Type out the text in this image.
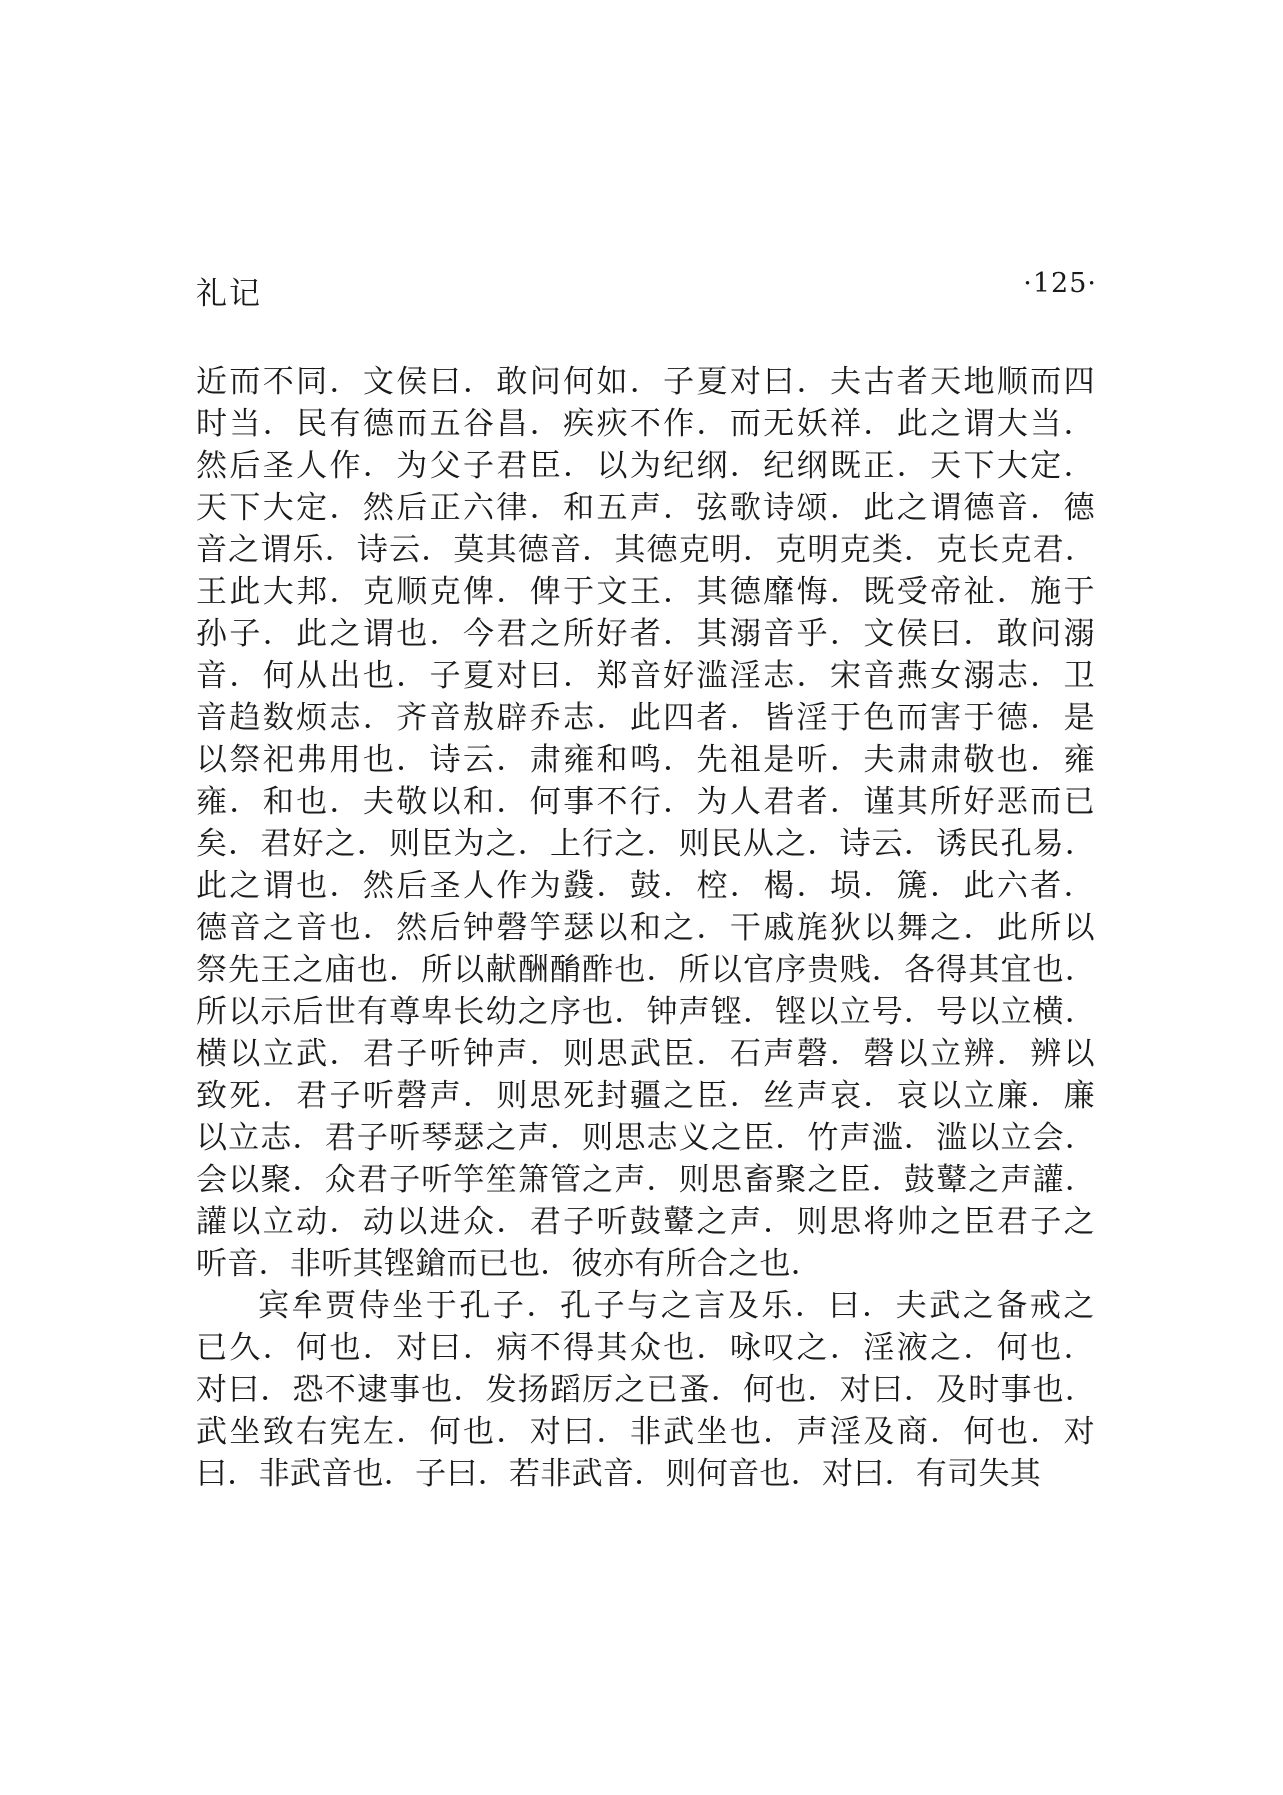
礼记	·125·
近而不同．文侯曰．敢问何如．子夏对曰．夫古者天地顺而四
时当．民有德而五谷昌．疾疢不作．而无妖祥．此之谓大当．
然后圣人作．为父子君臣．以为纪纲．纪纲既正．天下大定．
天下大定．然后正六律．和五声．弦歌诗颂．此之谓德音．德
音之谓乐．诗云．莫其德音．其德克明．克明克类．克长克君．
王此大邦．克顺克俾．俾于文王．其德靡悔．既受帝祉．施于
孙子．此之谓也．今君之所好者．其溺音乎．文侯曰．敢问溺
音．何从出也．子夏对曰．郑音好滥淫志．宋音燕女溺志．卫
音趋数烦志．齐音敖辟乔志．此四者．皆淫于色而害于德．是
以祭祀弗用也．诗云．肃雍和鸣．先祖是听．夫肃肃敬也．雍
雍．和也．夫敬以和．何事不行．为人君者．谨其所好恶而已
矣．君好之．则臣为之．上行之．则民从之．诗云．诱民孔易．
此之谓也．然后圣人作为鼗．鼓．椌．楬．埙．篪．此六者．
德音之音也．然后钟磬竽瑟以和之．干戚旄狄以舞之．此所以
祭先王之庙也．所以献酬酳酢也．所以官序贵贱．各得其宜也．
所以示后世有尊卑长幼之序也．钟声铿．铿以立号．号以立横．
横以立武．君子听钟声．则思武臣．石声磬．磬以立辨．辨以
致死．君子听磬声．则思死封疆之臣．丝声哀．哀以立廉．廉
以立志．君子听琴瑟之声．则思志义之臣．竹声滥．滥以立会．
会以聚．众君子听竽笙箫管之声．则思畜聚之臣．鼓鼙之声讙．
讙以立动．动以进众．君子听鼓鼙之声．则思将帅之臣君子之
听音．非听其铿鎗而已也．彼亦有所合之也．
宾牟贾侍坐于孔子．孔子与之言及乐．曰．夫武之备戒之
已久．何也．对曰．病不得其众也．咏叹之．淫液之．何也．
对曰．恐不逮事也．发扬蹈厉之已蚤．何也．对曰．及时事也．
武坐致右宪左．何也．对曰．非武坐也．声淫及商．何也．对
曰．非武音也．子曰．若非武音．则何音也．对曰．有司失其
